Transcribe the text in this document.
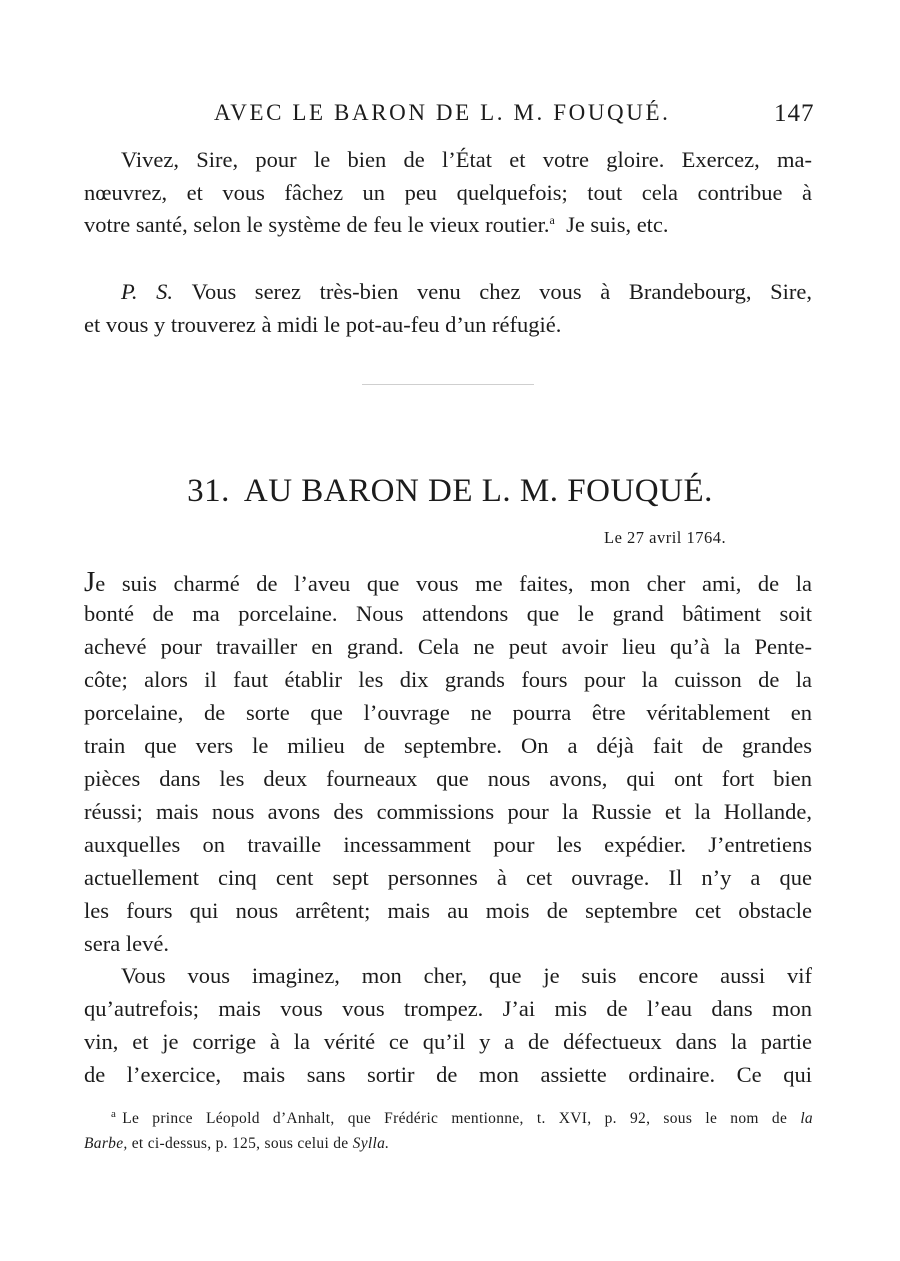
AVEC LE BARON DE L. M. FOUQUÉ.	147
Vivez, Sire, pour le bien de l’État et votre gloire. Exercez, ma-
nœuvrez, et vous fâchez un peu quelquefois; tout cela contribue à
votre santé, selon le système de feu le vieux routier.$^a$ Je suis, etc.
P. S. Vous serez très-bien venu chez vous à Brandebourg, Sire,
et vous y trouverez à midi le pot-au-feu d’un réfugié.
31. AU BARON DE L. M. FOUQUÉ.
Le 27 avril 1764.
Je suis charmé de l’aveu que vous me faites, mon cher ami, de la
bonté de ma porcelaine. Nous attendons que le grand bâtiment soit
achevé pour travailler en grand. Cela ne peut avoir lieu qu’à la Pente-
côte; alors il faut établir les dix grands fours pour la cuisson de la
porcelaine, de sorte que l’ouvrage ne pourra être véritablement en
train que vers le milieu de septembre. On a déjà fait de grandes
pièces dans les deux fourneaux que nous avons, qui ont fort bien
réussi; mais nous avons des commissions pour la Russie et la Hollande,
auxquelles on travaille incessamment pour les expédier. J’entretiens
actuellement cinq cent sept personnes à cet ouvrage. Il n’y a que
les fours qui nous arrêtent; mais au mois de septembre cet obstacle
sera levé.
Vous vous imaginez, mon cher, que je suis encore aussi vif
qu’autrefois; mais vous vous trompez. J’ai mis de l’eau dans mon
vin, et je corrige à la vérité ce qu’il y a de défectueux dans la partie
de l’exercice, mais sans sortir de mon assiette ordinaire. Ce qui
$^a$ Le prince Léopold d’Anhalt, que Frédéric mentionne, t. XVI, p. 92, sous le nom de la
Barbe, et ci-dessus, p. 125, sous celui de Sylla.
